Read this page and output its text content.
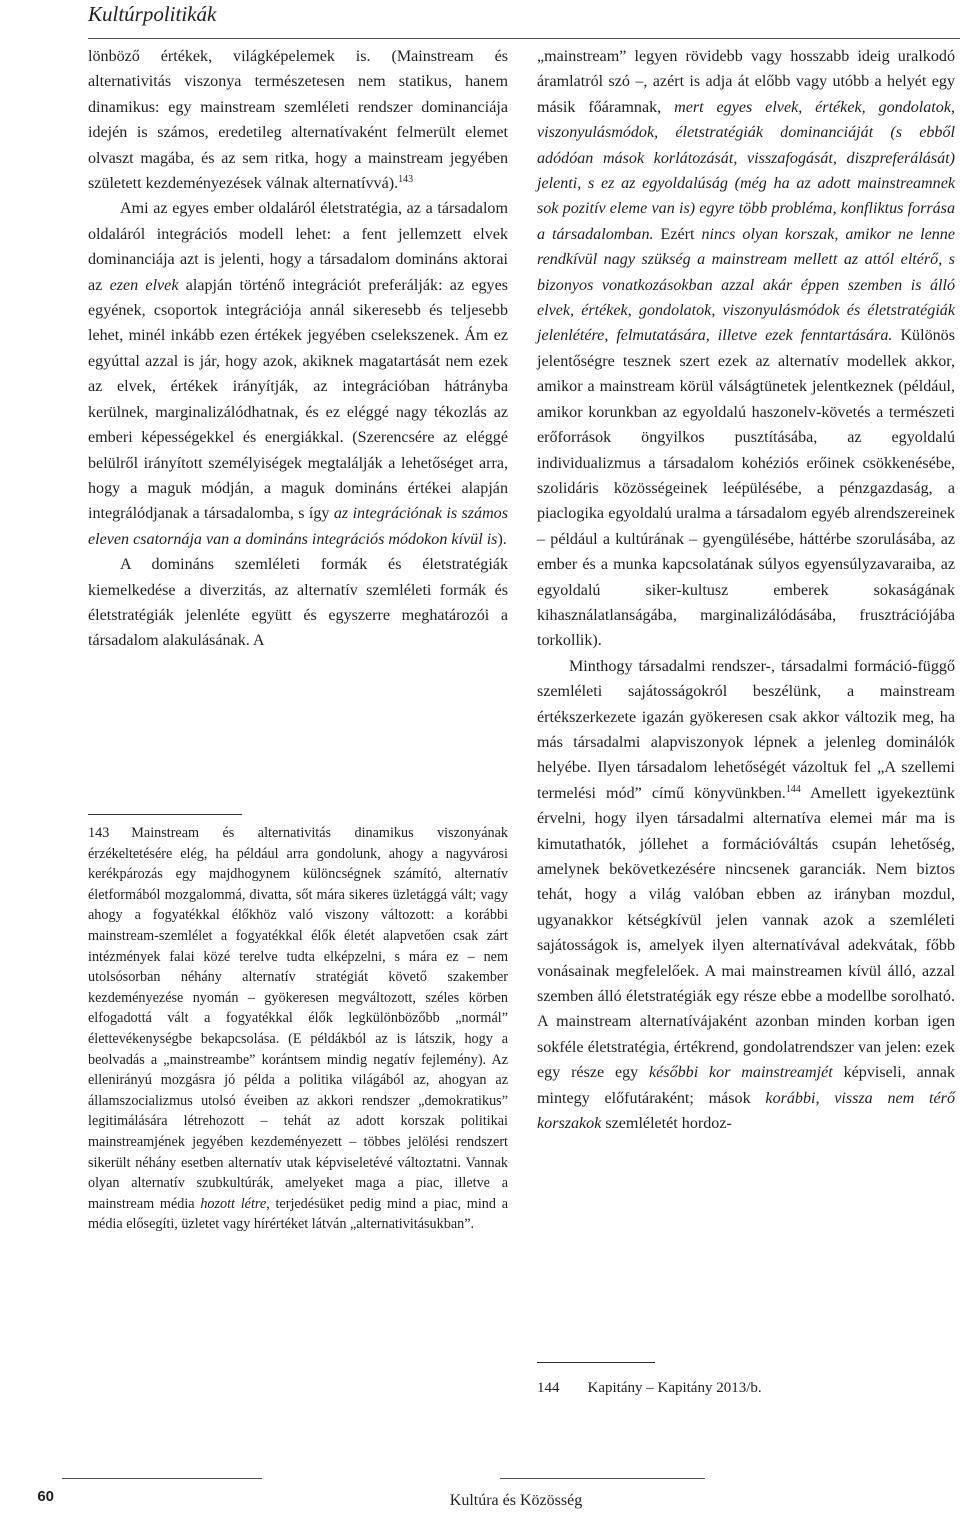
Kultúrpolitikák

lönböző értékek, világképelemek is. (Mainstream és alternativitás viszonya természetesen nem statikus, hanem dinamikus: egy mainstream szemléleti rendszer dominanciája idején is számos, eredetileg alternatívaként felmerült elemet olvaszt magába, és az sem ritka, hogy a mainstream jegyében született kezdeményezések válnak alternatívvá).$^{143}$

Ami az egyes ember oldaláról életstratégia, az a társadalom oldaláról integrációs modell lehet: a fent jellemzett elvek dominanciája azt is jelenti, hogy a társadalom domináns aktorai az ezen elvek alapján történő integrációt preferálják: az egyes egyének, csoportok integrációja annál sikeresebb és teljesebb lehet, minél inkább ezen értékek jegyében cselekszenek. Ám ez egyúttal azzal is jár, hogy azok, akiknek magatartását nem ezek az elvek, értékek irányítják, az integrációban hátrányba kerülnek, marginalizálódhatnak, és ez eléggé nagy tékozlás az emberi képességekkel és energiákkal. (Szerencsére az eléggé belülről irányított személyiségek megtalálják a lehetőséget arra, hogy a maguk módján, a maguk domináns értékei alapján integrálódjanak a társadalomba, s így az integrációnak is számos eleven csatornája van a domináns integrációs módokon kívül is).

A domináns szemléleti formák és életstratégiák kiemelkedése a diverzitás, az alternatív szemléleti formák és életstratégiák jelenléte együtt és egyszerre meghatározói a társadalom alakulásának. A

143 Mainstream és alternativitás dinamikus viszonyának érzékeltetésére elég, ha például arra gondolunk, ahogy a nagyvárosi kerékpározás egy majdhogynem különcségnek számító, alternatív életformából mozgalommá, divatta, sőt mára sikeres üzletággá vált; vagy ahogy a fogyatékkal élőkhöz való viszony változott: a korábbi mainstream-szemlélet a fogyatékkal élők életét alapvetően csak zárt intézmények falai közé terelve tudta elképzelni, s mára ez – nem utolsósorban néhány alternatív stratégiát követő szakember kezdeményezése nyomán – gyökeresen megváltozott, széles körben elfogadottá vált a fogyatékkal élők legkülönbözőbb „normál” élettevékenységbe bekapcsolása. (E példákból az is látszik, hogy a beolvadás a „mainstreambe” korántsem mindig negatív fejlemény). Az ellenirányú mozgásra jó példa a politika világából az, ahogyan az államszocializmus utolsó éveiben az akkori rendszer „demokratikus” legitimálására létrehozott – tehát az adott korszak politikai mainstreamjének jegyében kezdeményezett – többes jelölési rendszert sikerült néhány esetben alternatív utak képviseletévé változtatni. Vannak olyan alternatív szubkultúrák, amelyeket maga a piac, illetve a mainstream média hozott létre, terjedésüket pedig mind a piac, mind a média elősegíti, üzletet vagy hírértéket látván „alternativitásukban”.

„mainstream” legyen rövidebb vagy hosszabb ideig uralkodó áramlatról szó –, azért is adja át előbb vagy utóbb a helyét egy másik főáramnak, mert egyes elvek, értékek, gondolatok, viszonyulásmódok, életstratégiák dominanciáját (s ebből adódóan mások korlátozását, visszafogását, diszpreferálását) jelenti, s ez az egyoldalúság (még ha az adott mainstreamnek sok pozitív eleme van is) egyre több probléma, konfliktus forrása a társadalomban. Ezért nincs olyan korszak, amikor ne lenne rendkívül nagy szükség a mainstream mellett az attól eltérő, s bizonyos vonatkozásokban azzal akár éppen szemben is álló elvek, értékek, gondolatok, viszonyulásmódok és életstratégiák jelenlétére, felmutatására, illetve ezek fenntartására. Különös jelentőségre tesznek szert ezek az alternatív modellek akkor, amikor a mainstream körül válságtünetek jelentkeznek (például, amikor korunkban az egyoldalú haszonelv-követés a természeti erőforrások öngyilkos pusztításába, az egyoldalú individualizmus a társadalom kohéziós erőinek csökkenésébe, szolidáris közösségeinek leépülésébe, a pénzgazdaság, a piaclogika egyoldalú uralma a társadalom egyéb alrendszereinek – például a kultúrának – gyengülésébe, háttérbe szorulásába, az ember és a munka kapcsolatának súlyos egyensúlyzavaraiba, az egyoldalú siker-kultusz emberek sokaságának kihasználatlanságába, marginalizálódásába, frusztrációjába torkollik).

Minthogy társadalmi rendszer-, társadalmi formáció-függő szemléleti sajátosságokról beszélünk, a mainstream értékszerkezete igazán gyökeresen csak akkor változik meg, ha más társadalmi alapviszonyok lépnek a jelenleg dominálók helyébe. Ilyen társadalom lehetőségét vázoltuk fel „A szellemi termelési mód” című könyvünkben.$^{144}$ Amellett igyekeztünk érvelni, hogy ilyen társadalmi alternatíva elemei már ma is kimutathatók, jóllehet a formációváltás csupán lehetőség, amelynek bekövetkezésére nincsenek garanciák. Nem biztos tehát, hogy a világ valóban ebben az irányban mozdul, ugyanakkor kétségkívül jelen vannak azok a szemléleti sajátosságok is, amelyek ilyen alternatívával adekvátak, főbb vonásainak megfelelőek. A mai mainstreamen kívül álló, azzal szemben álló életstratégiák egy része ebbe a modellbe sorolható. A mainstream alternatívájaként azonban minden korban igen sokféle életstratégia, értékrend, gondolatrendszer van jelen: ezek egy része egy későbbi kor mainstreamjét képviseli, annak mintegy előfutáraként; mások korábbi, vissza nem térő korszakok szemléletét hordoz-

144 Kapitány – Kapitány 2013/b.
60	Kultúra és Közösség
